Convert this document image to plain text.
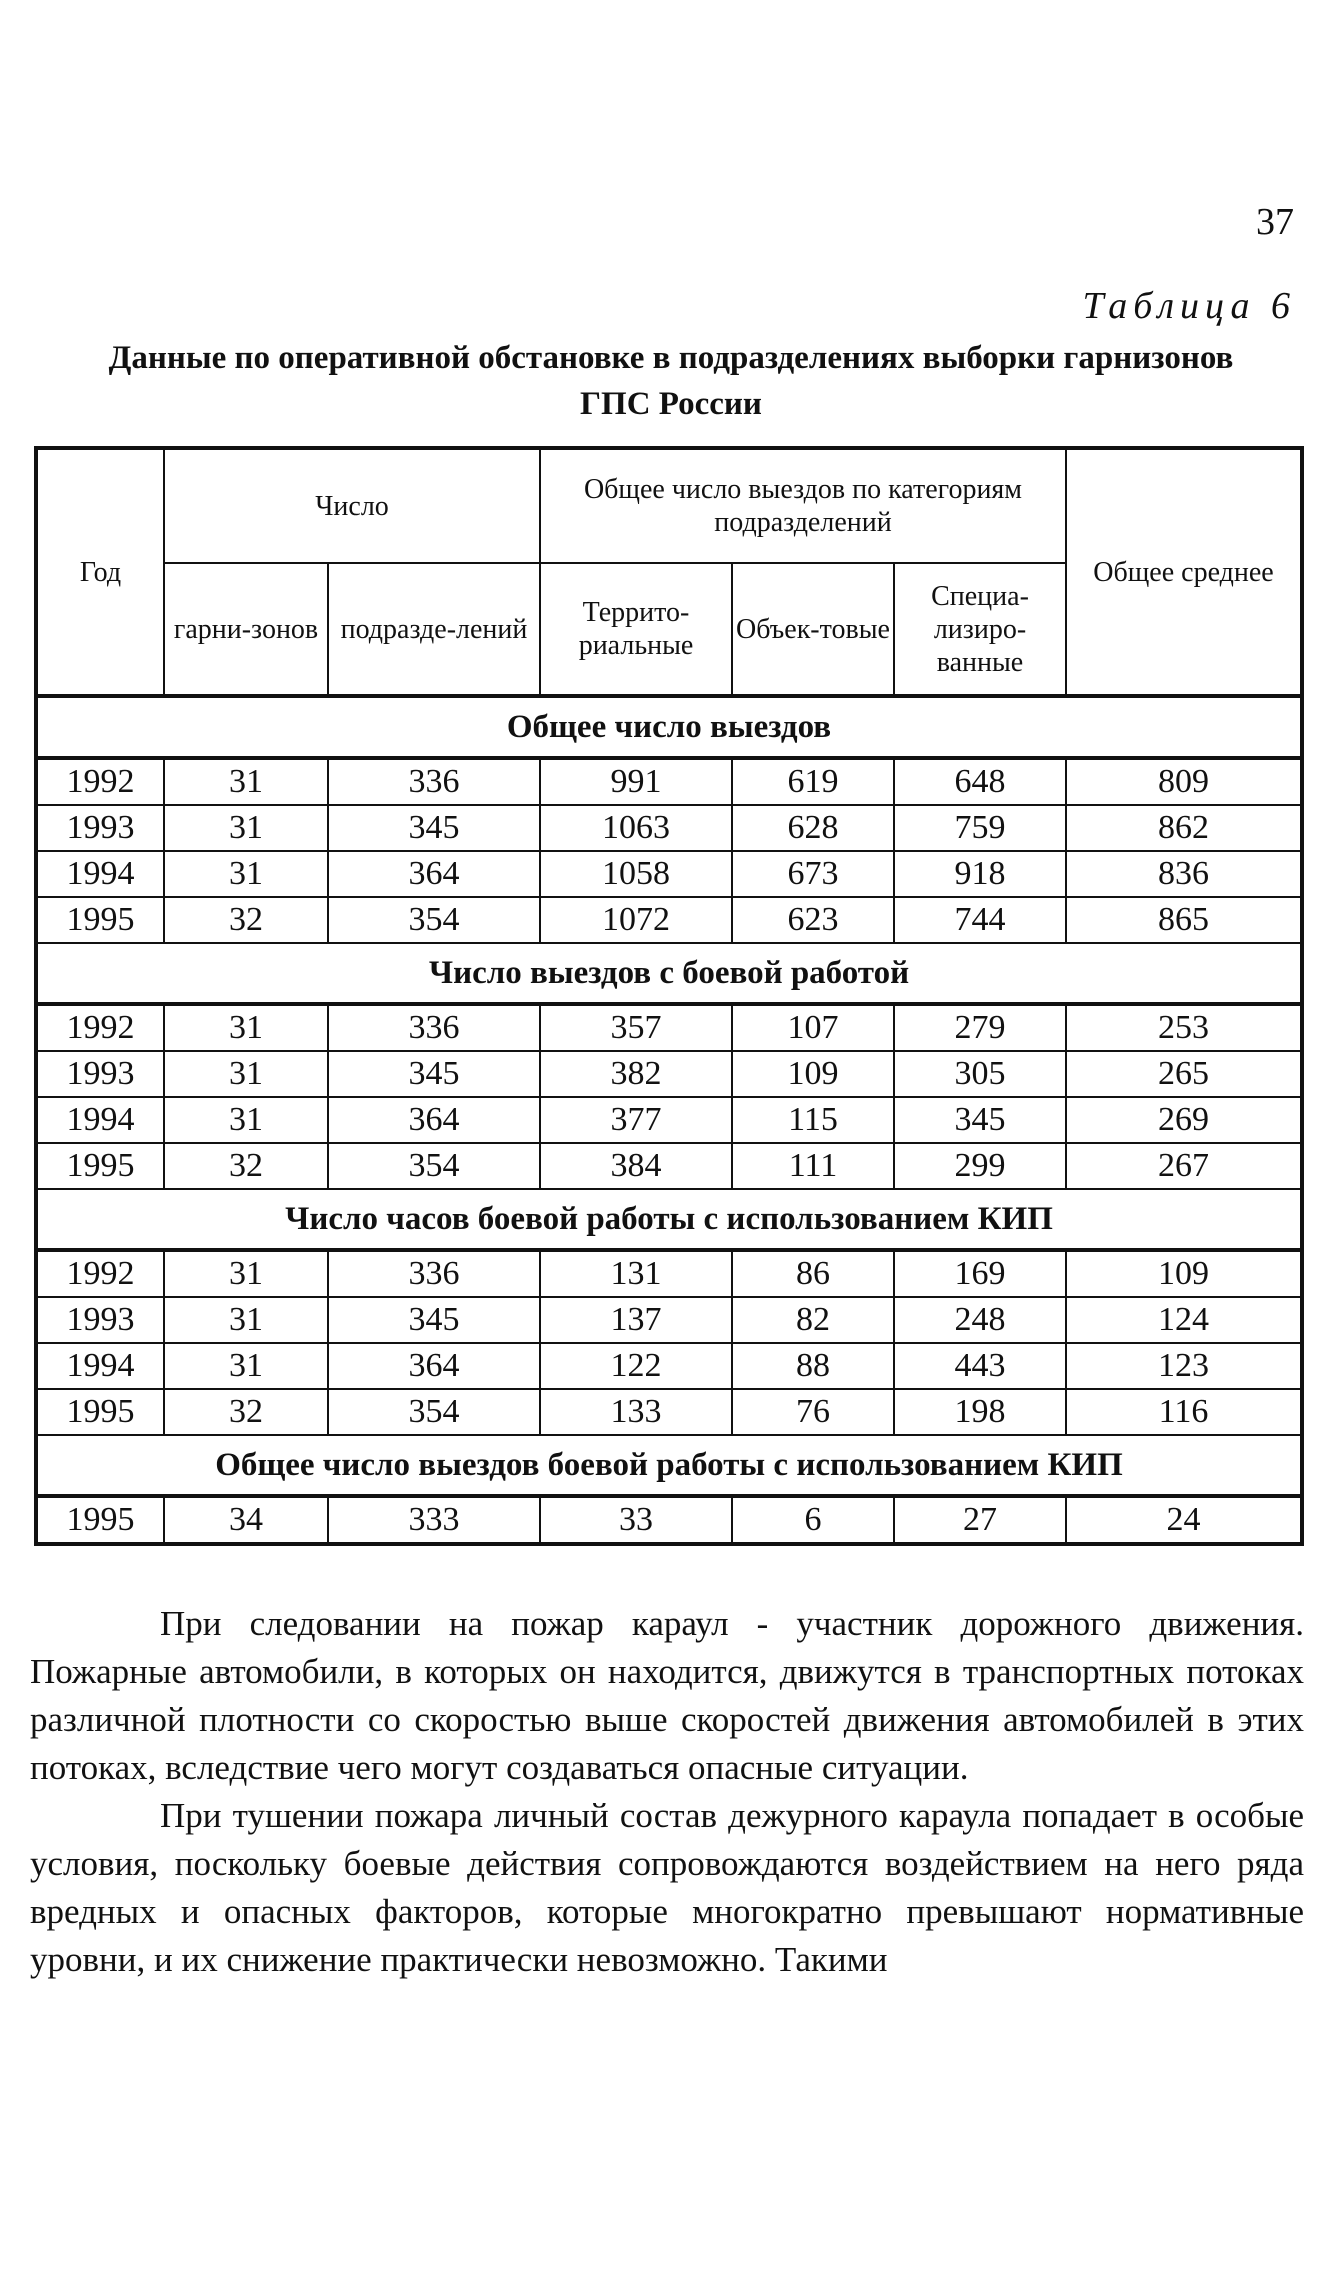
37
Таблица 6
Данные по оперативной обстановке в подразделениях выборки гарнизонов ГПС России
Год	Число		Общее число выездов по категориям подразделений			Общее среднее
	гарни-зонов	подразде-лений	Террито-риальные	Объек-товые	Специа-лизиро-ванные	
Общее число выездов						
1992	31	336	991	619	648	809
1993	31	345	1063	628	759	862
1994	31	364	1058	673	918	836
1995	32	354	1072	623	744	865
Число выездов с боевой работой						
1992	31	336	357	107	279	253
1993	31	345	382	109	305	265
1994	31	364	377	115	345	269
1995	32	354	384	111	299	267
Число часов боевой работы с использованием КИП						
1992	31	336	131	86	169	109
1993	31	345	137	82	248	124
1994	31	364	122	88	443	123
1995	32	354	133	76	198	116
Общее число выездов боевой работы с использованием КИП						
1995	34	333	33	6	27	24

При следовании на пожар караул - участник дорожного движения. Пожарные автомобили, в которых он находится, движутся в транспортных потоках различной плотности со скоростью выше скоростей движения автомобилей в этих потоках, вследствие чего могут создаваться опасные ситуации.

При тушении пожара личный состав дежурного караула попадает в особые условия, поскольку боевые действия сопровождаются воздействием на него ряда вредных и опасных факторов, которые многократно превышают нормативные уровни, и их снижение практически невозможно. Такими
